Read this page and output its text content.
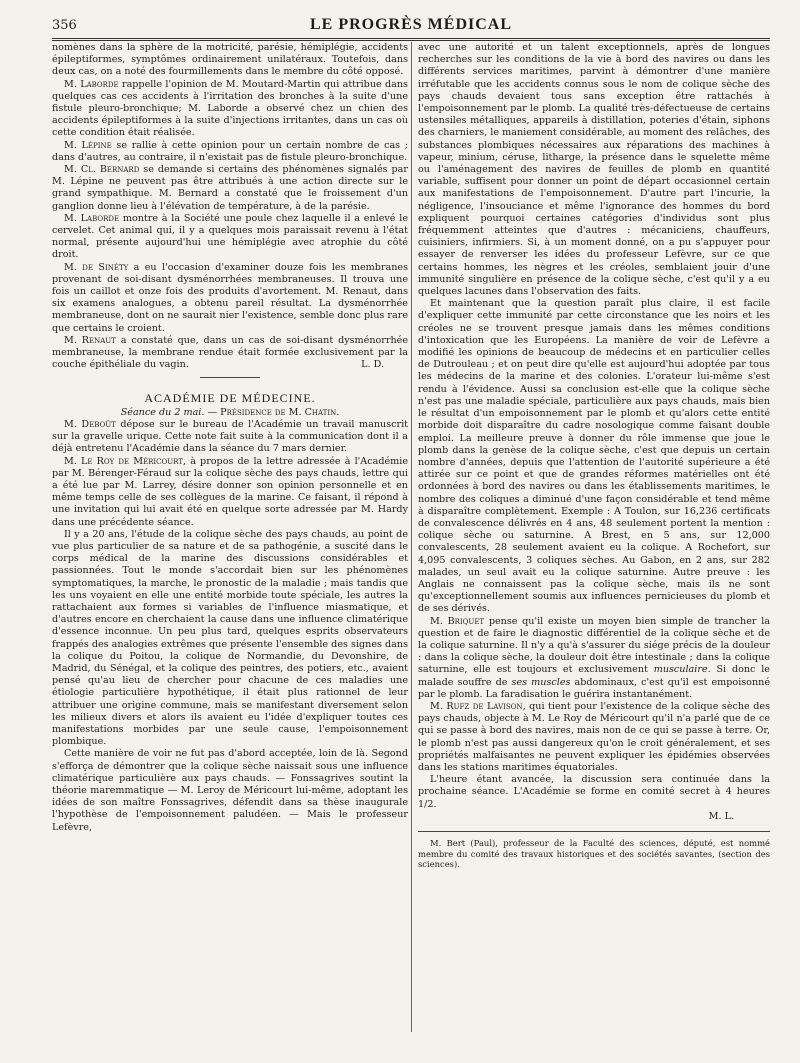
356	LE PROGRÈS MÉDICAL

nomènes dans la sphère de la motricité, parésie, hémiplégie, accidents épileptiformes, symptômes ordinairement unilatéraux. Toutefois, dans deux cas, on a noté des fourmillements dans le membre du côté opposé.

M. Laborde rappelle l'opinion de M. Moutard-Martin qui attribue dans quelques cas ces accidents à l'irritation des bronches à la suite d'une fistule pleuro-bronchique; M. Laborde a observé chez un chien des accidents épileptiformes à la suite d'injections irritantes, dans un cas où cette condition était réalisée.

M. Lépine se rallie à cette opinion pour un certain nombre de cas ; dans d'autres, au contraire, il n'existait pas de fistule pleuro-bronchique.

M. Cl. Bernard se demande si certains des phénomènes signalés par M. Lépine ne peuvent pas être attribués à une action directe sur le grand sympathique. M. Bernard a constaté que le froissement d'un ganglion donne lieu à l'élévation de température, à de la parésie.

M. Laborde montre à la Société une poule chez laquelle il a enlevé le cervelet. Cet animal qui, il y a quelques mois paraissait revenu à l'état normal, présente aujourd'hui une hémiplégie avec atrophie du côté droit.

M. de Sinéty a eu l'occasion d'examiner douze fois les membranes provenant de soi-disant dysménorrhées membraneuses. Il trouva une fois un caillot et onze fois des produits d'avortement. M. Renaut, dans six examens analogues, a obtenu pareil résultat. La dysménorrhée membraneuse, dont on ne saurait nier l'existence, semble donc plus rare que certains le croient.

M. Renaut a constaté que, dans un cas de soi-disant dysménorrhée membraneuse, la membrane rendue était formée exclusivement par la couche épithéliale du vagin.	L. D.

ACADÉMIE DE MÉDECINE.

Séance du 2 mai. — Présidence de M. Chatin.

M. Deboût dépose sur le bureau de l'Académie un travail manuscrit sur la gravelle urique. Cette note fait suite à la communication dont il a déjà entretenu l'Académie dans la séance du 7 mars dernier.

M. Le Roy de Méricourt, à propos de la lettre adressée à l'Académie par M. Bérenger-Féraud sur la colique sèche des pays chauds, lettre qui a été lue par M. Larrey, désire donner son opinion personnelle et en même temps celle de ses collègues de la marine. Ce faisant, il répond à une invitation qui lui avait été en quelque sorte adressée par M. Hardy dans une précédente séance.

Il y a 20 ans, l'étude de la colique sèche des pays chauds, au point de vue plus particulier de sa nature et de sa pathogénie, a suscité dans le corps médical de la marine des discussions considérables et passionnées. Tout le monde s'accordait bien sur les phénomènes symptomatiques, la marche, le pronostic de la maladie ; mais tandis que les uns voyaient en elle une entité morbide toute spéciale, les autres la rattachaient aux formes si variables de l'influence miasmatique, et d'autres encore en cherchaient la cause dans une influence climatérique d'essence inconnue. Un peu plus tard, quelques esprits observateurs frappés des analogies extrêmes que présente l'ensemble des signes dans la colique du Poitou, la colique de Normandie, du Devonshire, de Madrid, du Sénégal, et la colique des peintres, des potiers, etc., avaient pensé qu'au lieu de chercher pour chacune de ces maladies une étiologie particulière hypothétique, il était plus rationnel de leur attribuer une origine commune, mais se manifestant diversement selon les milieux divers et alors ils avaient eu l'idée d'expliquer toutes ces manifestations morbides par une seule cause, l'empoisonnement plombique.

Cette manière de voir ne fut pas d'abord acceptée, loin de là. Segond s'efforça de démontrer que la colique sèche naissait sous une influence climatérique particulière aux pays chauds. — Fonssagrives soutint la théorie maremmatique — M. Leroy de Méricourt lui-même, adoptant les idées de son maître Fonssagrives, défendit dans sa thèse inaugurale l'hypothèse de l'empoisonnement paludéen. — Mais le professeur Lefèvre,

avec une autorité et un talent exceptionnels, après de longues recherches sur les conditions de la vie à bord des navires ou dans les différents services maritimes, parvint à démontrer d'une manière irréfutable que les accidents connus sous le nom de colique sèche des pays chauds devaient tous sans exception être rattachés à l'empoisonnement par le plomb. La qualité très-défectueuse de certains ustensiles métalliques, appareils à distillation, poteries d'étain, siphons des charniers, le maniement considérable, au moment des relâches, des substances plombiques nécessaires aux réparations des machines à vapeur, minium, céruse, litharge, la présence dans le squelette même ou l'aménagement des navires de feuilles de plomb en quantité variable, suffisent pour donner un point de départ occasionnel certain aux manifestations de l'empoisonnement. D'autre part l'incurie, la négligence, l'insouciance et même l'ignorance des hommes du bord expliquent pourquoi certaines catégories d'individus sont plus fréquemment atteintes que d'autres : mécaniciens, chauffeurs, cuisiniers, infirmiers. Si, à un moment donné, on a pu s'appuyer pour essayer de renverser les idées du professeur Lefèvre, sur ce que certains hommes, les nègres et les créoles, semblaient jouir d'une immunité singulière en présence de la colique sèche, c'est qu'il y a eu quelques lacunes dans l'observation des faits.

Et maintenant que la question paraît plus claire, il est facile d'expliquer cette immunité par cette circonstance que les noirs et les créoles ne se trouvent presque jamais dans les mêmes conditions d'intoxication que les Européens. La manière de voir de Lefèvre a modifié les opinions de beaucoup de médecins et en particulier celles de Dutrouleau ; et on peut dire qu'elle est aujourd'hui adoptée par tous les médecins de la marine et des colonies. L'orateur lui-même s'est rendu à l'évidence. Aussi sa conclusion est-elle que la colique sèche n'est pas une maladie spéciale, particulière aux pays chauds, mais bien le résultat d'un empoisonnement par le plomb et qu'alors cette entité morbide doit disparaître du cadre nosologique comme faisant double emploi. La meilleure preuve à donner du rôle immense que joue le plomb dans la genèse de la colique sèche, c'est que depuis un certain nombre d'années, depuis que l'attention de l'autorité supérieure a été attirée sur ce point et que de grandes réformes matérielles ont été ordonnées à bord des navires ou dans les établissements maritimes, le nombre des coliques a diminué d'une façon considérable et tend même à disparaître complètement. Exemple : A Toulon, sur 16,236 certificats de convalescence délivrés en 4 ans, 48 seulement portent la mention : colique sèche ou saturnine. A Brest, en 5 ans, sur 12,000 convalescents, 28 seulement avaient eu la colique. A Rochefort, sur 4,095 convalescents, 3 coliques sèches. Au Gabon, en 2 ans, sur 282 malades, un seul avait eu la colique saturnine. Autre preuve : les Anglais ne connaissent pas la colique sèche, mais ils ne sont qu'exceptionnellement soumis aux influences pernicieuses du plomb et de ses dérivés.

M. Briquet pense qu'il existe un moyen bien simple de trancher la question et de faire le diagnostic différentiel de la colique sèche et de la colique saturnine. Il n'y a qu'à s'assurer du siége précis de la douleur : dans la colique sèche, la douleur doit être intestinale ; dans la colique saturnine, elle est toujours et exclusivement musculaire. Si donc le malade souffre de ses muscles abdominaux, c'est qu'il est empoisonné par le plomb. La faradisation le guérira instantanément.

M. Rufz de Lavison, qui tient pour l'existence de la colique sèche des pays chauds, objecte à M. Le Roy de Méricourt qu'il n'a parlé que de ce qui se passe à bord des navires, mais non de ce qui se passe à terre. Or, le plomb n'est pas aussi dangereux qu'on le croit généralement, et ses propriétés malfaisantes ne peuvent expliquer les épidémies observées dans les stations maritimes équatoriales.

L'heure étant avancée, la discussion sera continuée dans la prochaine séance. L'Académie se forme en comité secret à 4 heures 1/2.

M. L.

M. Bert (Paul), professeur de la Faculté des sciences, député, est nommé membre du comité des travaux historiques et des sociétés savantes, (section des sciences).
